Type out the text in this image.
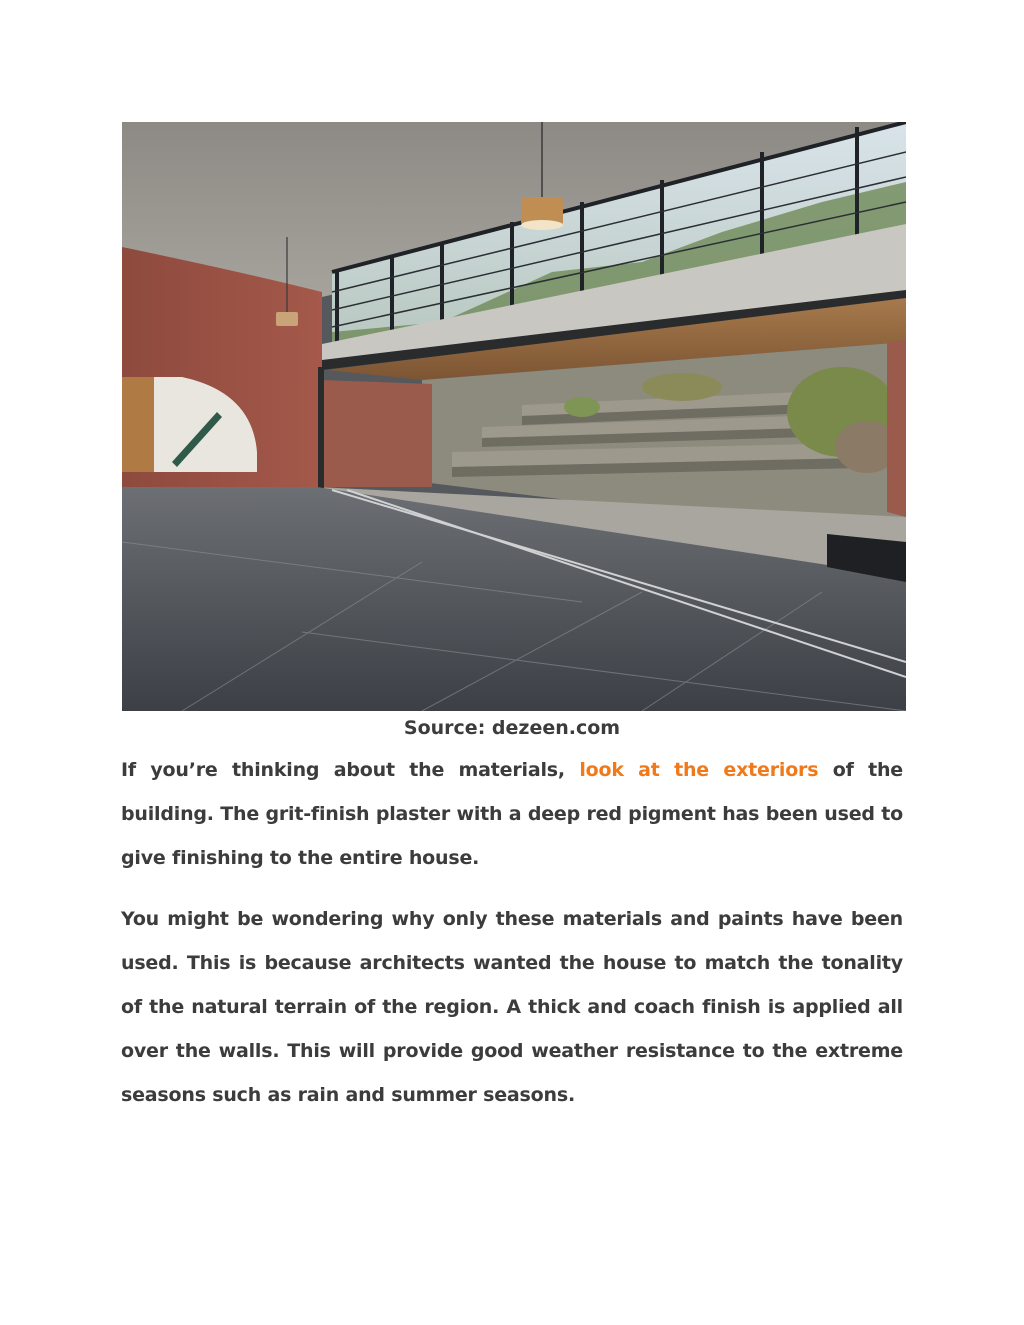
Source: dezeen.com

If you’re thinking about the materials, look at the exteriors of the building. The grit-finish plaster with a deep red pigment has been used to give finishing to the entire house.

You might be wondering why only these materials and paints have been used. This is because architects wanted the house to match the tonality of the natural terrain of the region. A thick and coach finish is applied all over the walls. This will provide good weather resistance to the extreme seasons such as rain and summer seasons.
